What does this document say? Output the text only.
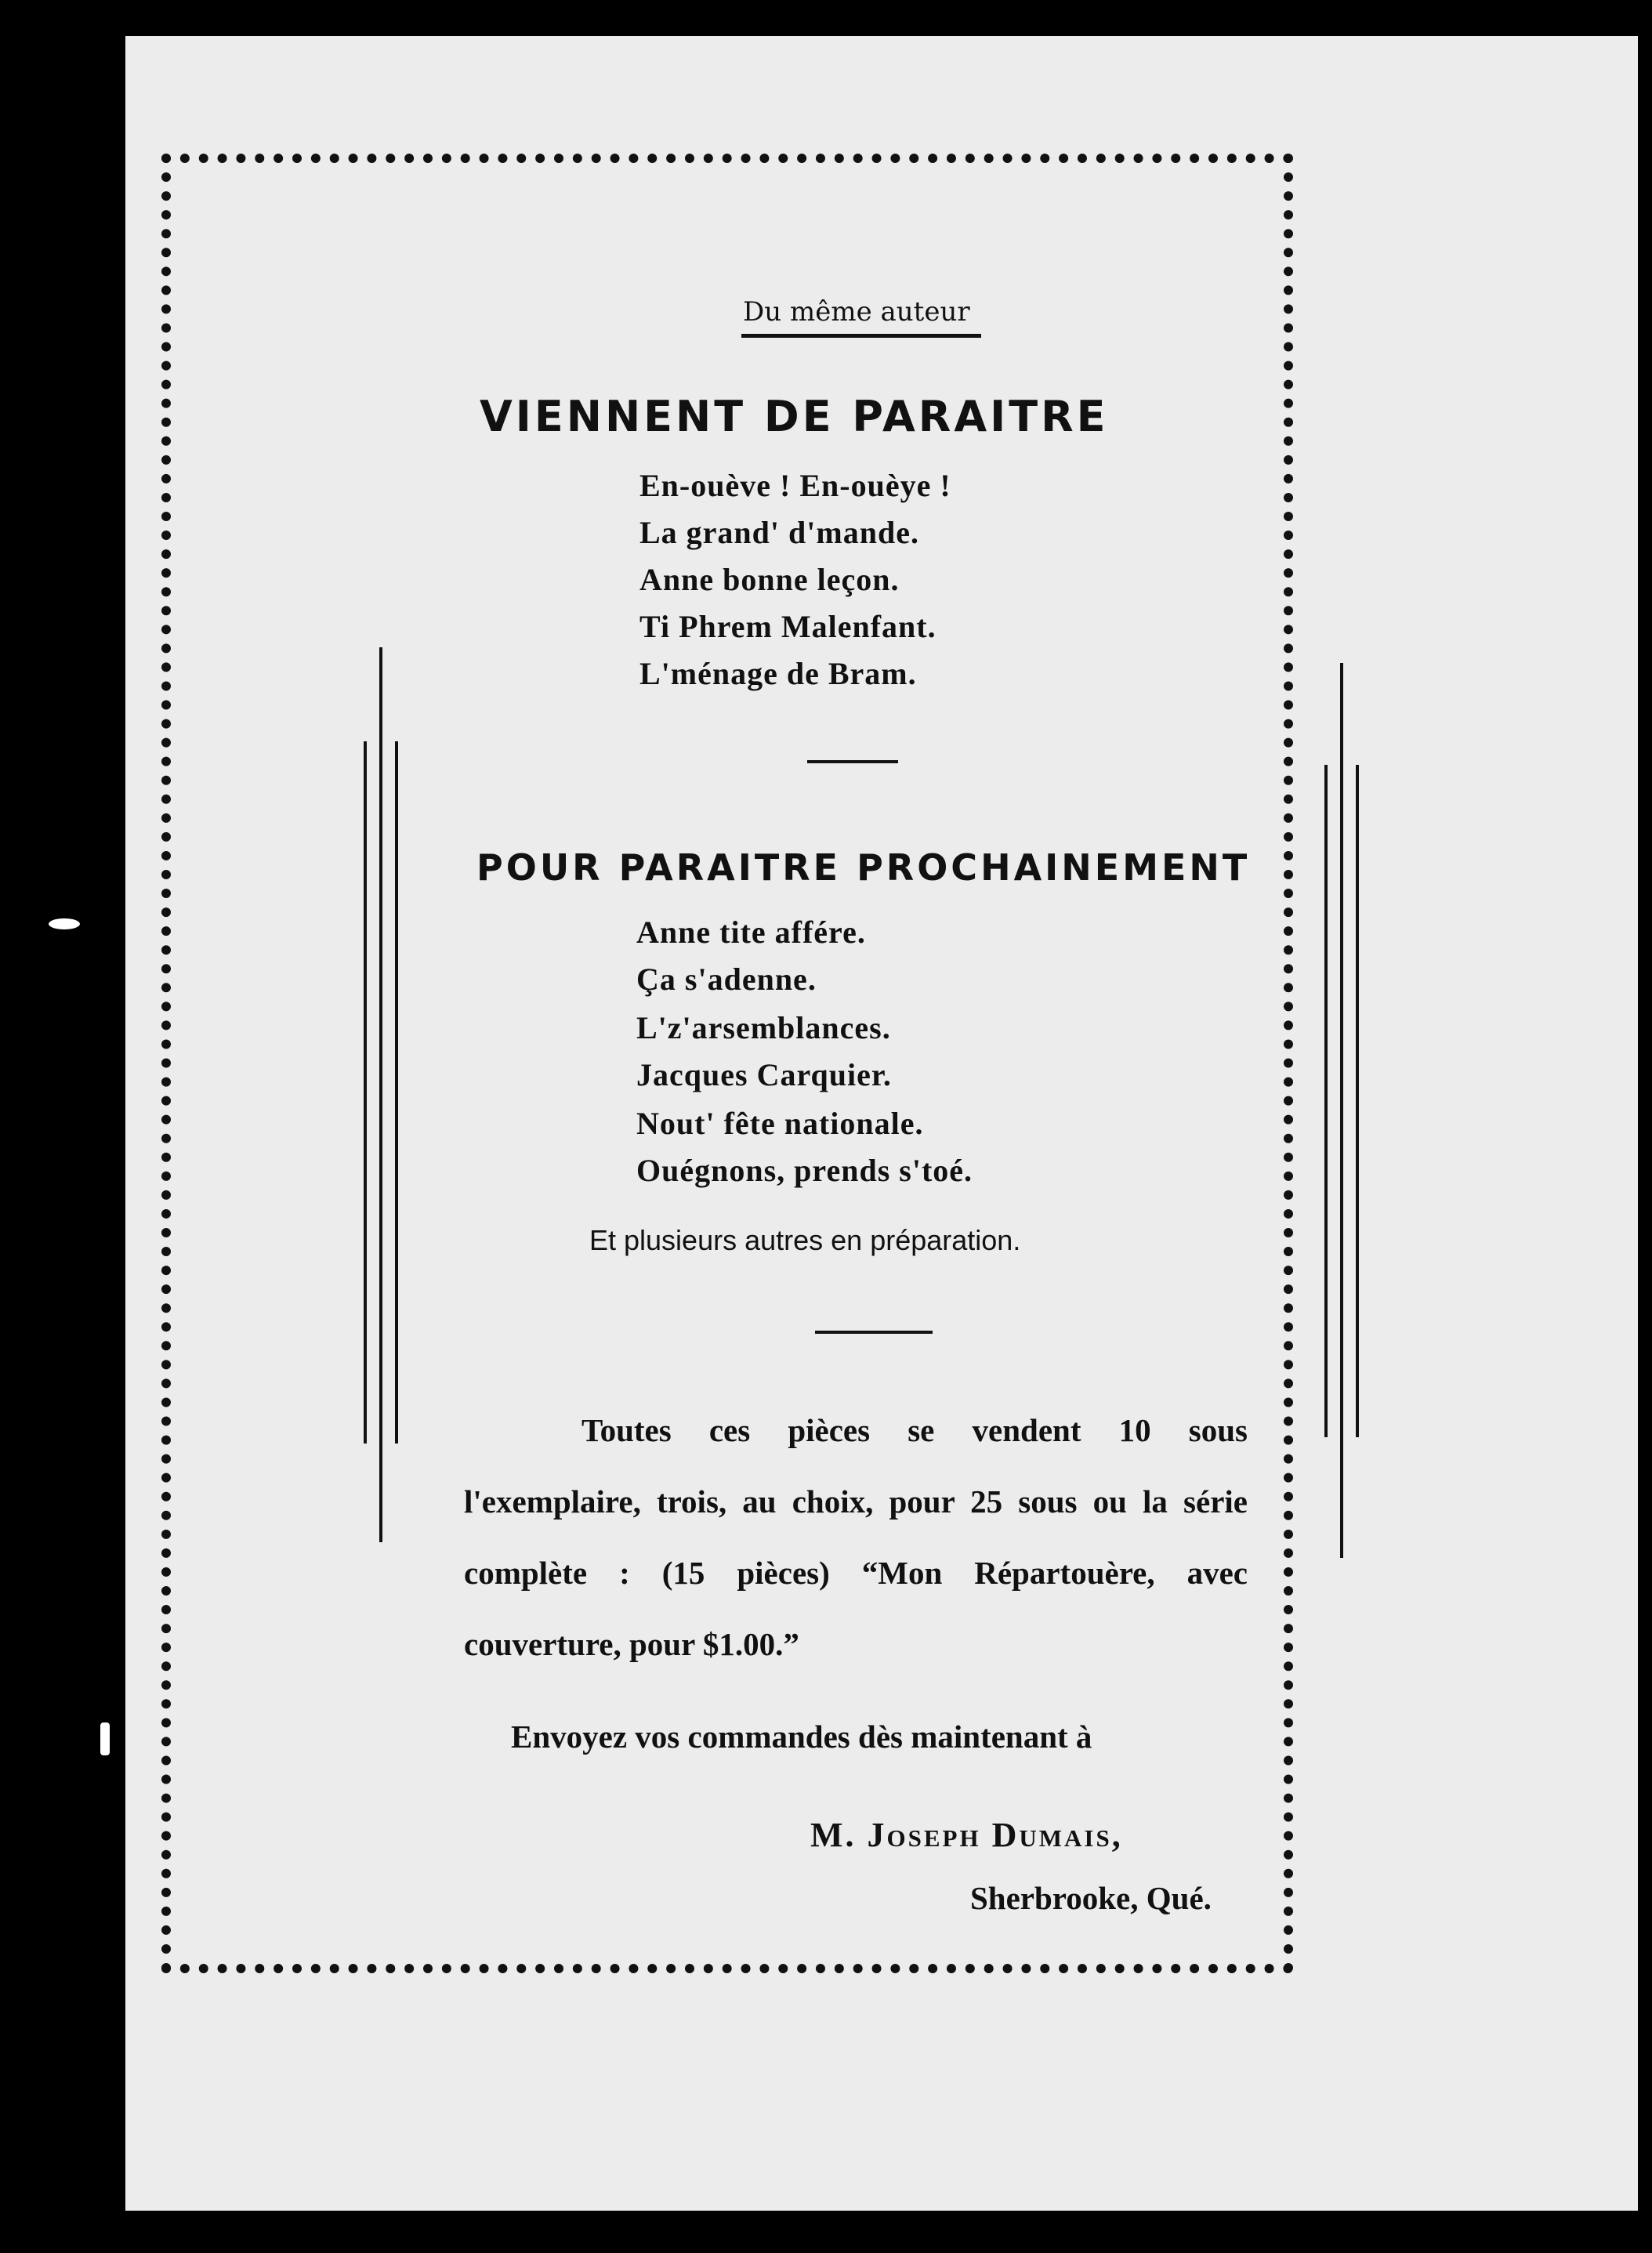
Du même auteur
VIENNENT DE PARAITRE
En-ouève ! En-ouèye !
La grand' d'mande.
Anne bonne leçon.
Ti Phrem Malenfant.
L'ménage de Bram.
POUR PARAITRE PROCHAINEMENT
Anne tite affére.
Ça s'adenne.
L'z'arsemblances.
Jacques Carquier.
Nout' fête nationale.
Ouégnons, prends s'toé.
Et plusieurs autres en préparation.

Toutes ces pièces se vendent 10 sous l'exemplaire, trois, au choix, pour 25 sous ou la série complète : (15 pièces) “Mon Répartouère, avec couverture, pour $1.00.”

Envoyez vos commandes dès maintenant à
M. Joseph Dumais,
Sherbrooke, Qué.
